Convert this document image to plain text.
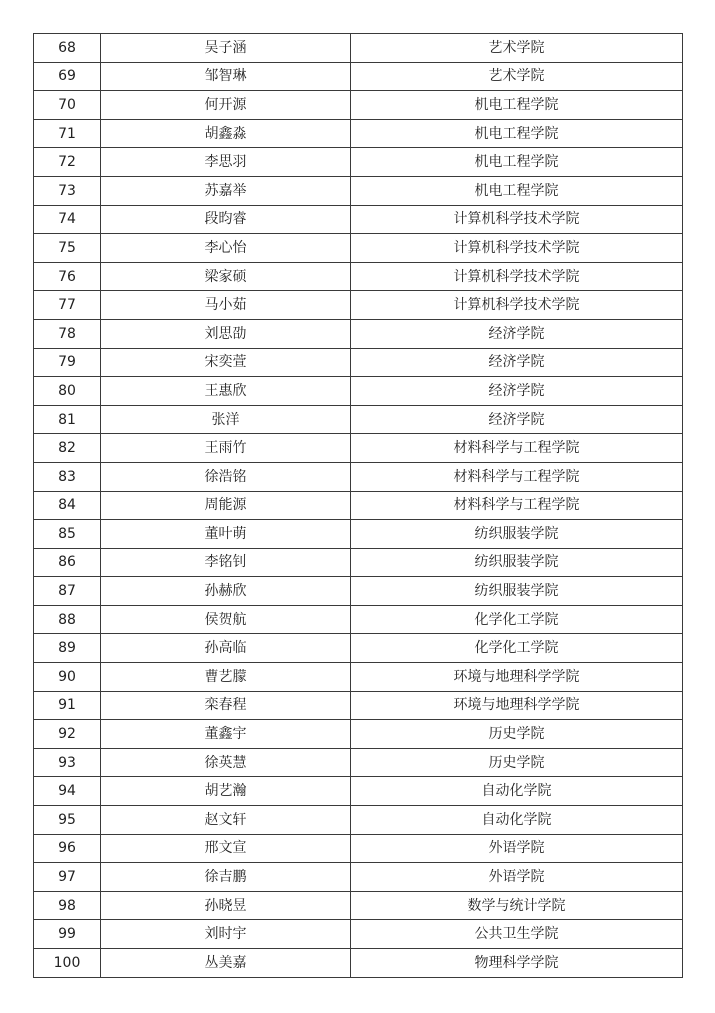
68	吴子涵	艺术学院
69	邹智琳	艺术学院
70	何开源	机电工程学院
71	胡鑫淼	机电工程学院
72	李思羽	机电工程学院
73	苏嘉举	机电工程学院
74	段昀睿	计算机科学技术学院
75	李心怡	计算机科学技术学院
76	梁家硕	计算机科学技术学院
77	马小茹	计算机科学技术学院
78	刘思劭	经济学院
79	宋奕萱	经济学院
80	王惠欣	经济学院
81	张洋	经济学院
82	王雨竹	材料科学与工程学院
83	徐浩铭	材料科学与工程学院
84	周能源	材料科学与工程学院
85	董叶萌	纺织服装学院
86	李铭钊	纺织服装学院
87	孙赫欣	纺织服装学院
88	侯贺航	化学化工学院
89	孙高临	化学化工学院
90	曹艺朦	环境与地理科学学院
91	栾春程	环境与地理科学学院
92	董鑫宇	历史学院
93	徐英慧	历史学院
94	胡艺瀚	自动化学院
95	赵文轩	自动化学院
96	邢文宣	外语学院
97	徐吉鹏	外语学院
98	孙晓昱	数学与统计学院
99	刘时宇	公共卫生学院
100	丛美嘉	物理科学学院
